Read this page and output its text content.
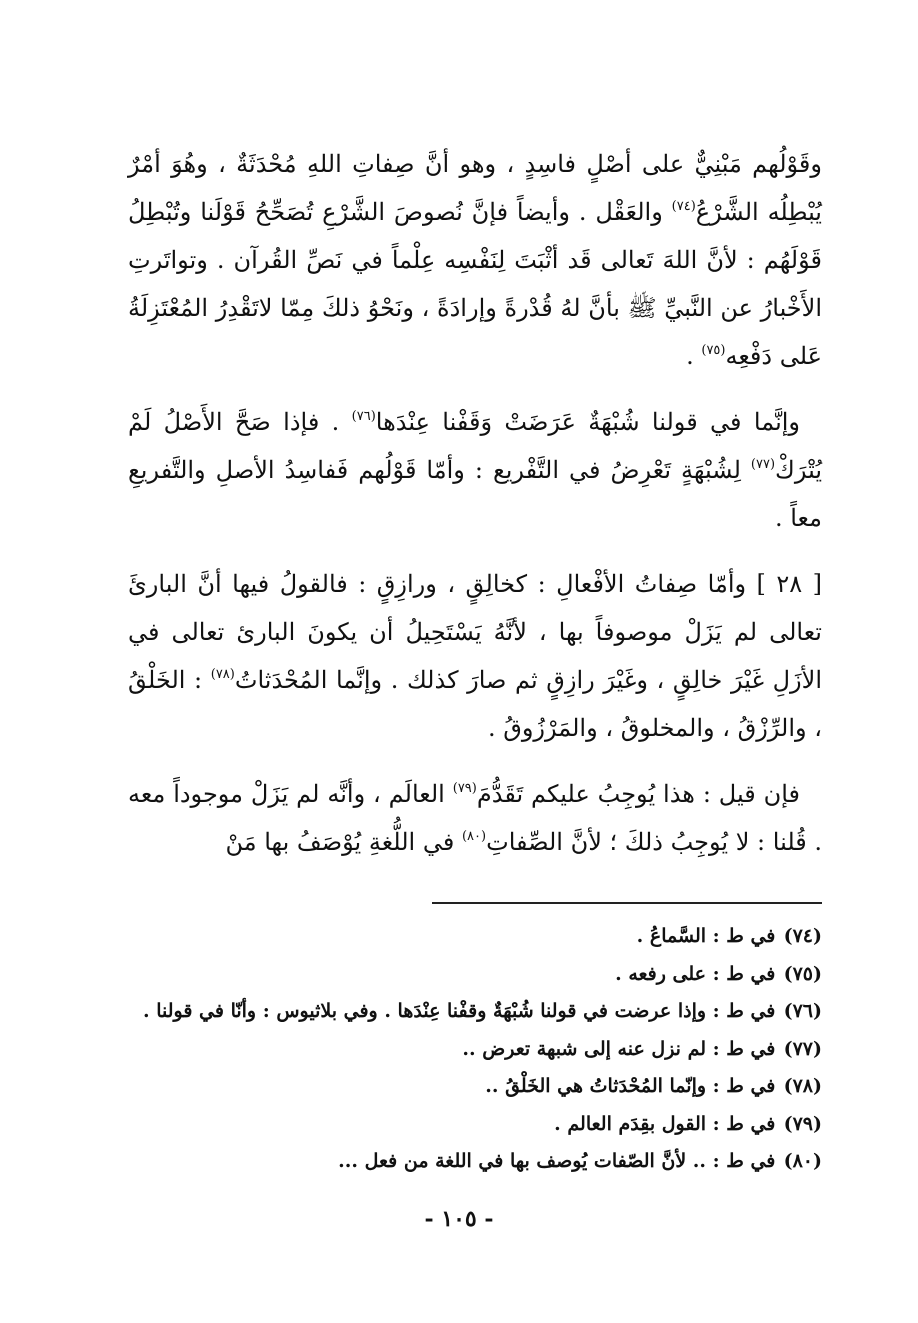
وقَوْلُهم مَبْنِيٌّ على أصْلٍ فاسِدٍ ، وهو أنَّ صِفاتِ اللهِ مُحْدَثَةٌ ، وهُوَ أمْرٌ يُبْطِلُه الشَّرْعُ$^{(٧٤)}$ والعَقْل . وأيضاً فإنَّ نُصوصَ الشَّرْعِ تُصَحِّحُ قَوْلَنا وتُبْطِلُ قَوْلَهُم : لأنَّ اللهَ تَعالى قَد أثْبَتَ لِنَفْسِه عِلْماً في نَصِّ القُرآن . وتواتَرتِ الأَخْبارُ عن النَّبيِّ ﷺ بأنَّ لهُ قُدْرةً وإرادَةً ، ونَحْوُ ذلكَ مِمّا لاتَقْدِرُ المُعْتَزِلَةُ عَلى دَفْعِه$^{(٧٥)}$ .

وإنَّما في قولنا شُبْهَةٌ عَرَضَتْ وَقَفْنا عِنْدَها$^{(٧٦)}$ . فإذا صَحَّ الأَصْلُ لَمْ يُتْرَكْ$^{(٧٧)}$ لِشُبْهَةٍ تَعْرِضُ في التَّفْريع : وأمّا قَوْلُهم فَفاسِدُ الأصلِ والتَّفريعِ معاً .

[ ٢٨ ] وأمّا صِفاتُ الأفْعالِ : كخالِقٍ ، ورازِقٍ : فالقولُ فيها أنَّ البارئَ تعالى لم يَزَلْ موصوفاً بها ، لأنَّهُ يَسْتَحِيلُ أن يكونَ البارئ تعالى في الأزَلِ غَيْرَ خالِقٍ ، وغَيْرَ رازِقٍ ثم صارَ كذلك . وإنَّما المُحْدَثاتُ$^{(٧٨)}$ : الخَلْقُ ، والرِّزْقُ ، والمخلوقُ ، والمَرْزُوقُ .

فإن قيل : هذا يُوجِبُ عليكم تَقَدُّمَ$^{(٧٩)}$ العالَم ، وأنَّه لم يَزَلْ موجوداً معه . قُلنا : لا يُوجِبُ ذلكَ ؛ لأنَّ الصِّفاتِ$^{(٨٠)}$ في اللُّغةِ يُوْصَفُ بها مَنْ

(٧٤) في ط : السَّماعُ .
(٧٥) في ط : على رفعه .
(٧٦) في ط : وإذا عرضت في قولنا شُبْهَةٌ وقفْنا عِنْدَها . وفي بلاثيوس : وأنّا في قولنا .
(٧٧) في ط : لم نزل عنه إلى شبهة تعرض ..
(٧٨) في ط : وإنّما المُحْدَثاتُ هي الخَلْقُ ..
(٧٩) في ط : القول بقِدَم العالم .
(٨٠) في ط : .. لأنَّ الصّفات يُوصف بها في اللغة من فعل ...
- ١٠٥ -
